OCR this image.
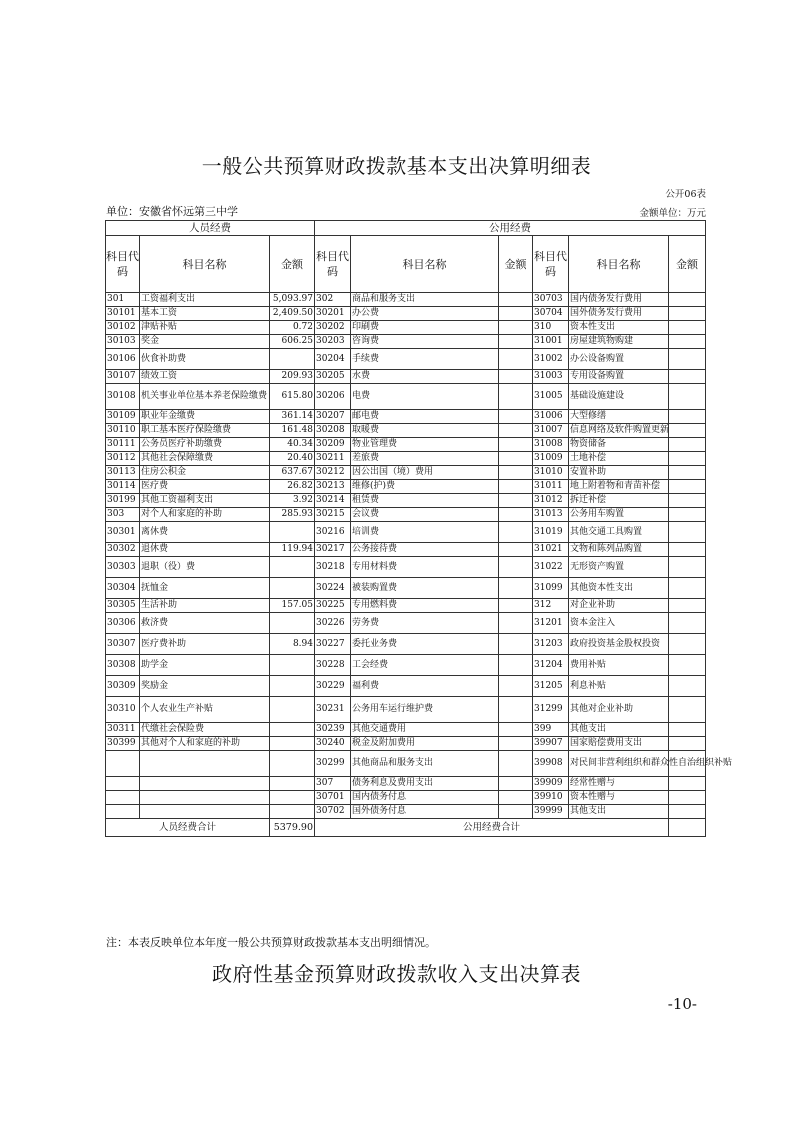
一般公共预算财政拨款基本支出决算明细表
公开06表
单位：安徽省怀远第三中学	金额单位：万元
人员经费			公用经费					
科目代码	科目名称	金额	科目代码	科目名称	金额	科目代码	科目名称	金额
301	工资福利支出	5,093.97	302	商品和服务支出		30703	国内债务发行费用	
30101	基本工资	2,409.50	30201	办公费		30704	国外债务发行费用	
30102	津贴补贴	0.72	30202	印刷费		310	资本性支出	
30103	奖金	606.25	30203	咨询费		31001	房屋建筑物购建	
30106	伙食补助费		30204	手续费		31002	办公设备购置	
30107	绩效工资	209.93	30205	水费		31003	专用设备购置	
30108	机关事业单位基本养老保险缴费	615.80	30206	电费		31005	基础设施建设	
30109	职业年金缴费	361.14	30207	邮电费		31006	大型修缮	
30110	职工基本医疗保险缴费	161.48	30208	取暖费		31007	信息网络及软件购置更新	
30111	公务员医疗补助缴费	40.34	30209	物业管理费		31008	物资储备	
30112	其他社会保障缴费	20.40	30211	差旅费		31009	土地补偿	
30113	住房公积金	637.67	30212	因公出国（境）费用		31010	安置补助	
30114	医疗费	26.82	30213	维修(护)费		31011	地上附着物和青苗补偿	
30199	其他工资福利支出	3.92	30214	租赁费		31012	拆迁补偿	
303	对个人和家庭的补助	285.93	30215	会议费		31013	公务用车购置	
30301	离休费		30216	培训费		31019	其他交通工具购置	
30302	退休费	119.94	30217	公务接待费		31021	文物和陈列品购置	
30303	退职（役）费		30218	专用材料费		31022	无形资产购置	
30304	抚恤金		30224	被装购置费		31099	其他资本性支出	
30305	生活补助	157.05	30225	专用燃料费		312	对企业补助	
30306	救济费		30226	劳务费		31201	资本金注入	
30307	医疗费补助	8.94	30227	委托业务费		31203	政府投资基金股权投资	
30308	助学金		30228	工会经费		31204	费用补贴	
30309	奖励金		30229	福利费		31205	利息补贴	
30310	个人农业生产补贴		30231	公务用车运行维护费		31299	其他对企业补助	
30311	代缴社会保险费		30239	其他交通费用		399	其他支出	
30399	其他对个人和家庭的补助		30240	税金及附加费用		39907	国家赔偿费用支出	
			30299	其他商品和服务支出		39908	对民间非营利组织和群众性自治组织补贴	
			307	债务利息及费用支出		39909	经常性赠与	
			30701	国内债务付息		39910	资本性赠与	
			30702	国外债务付息		39999	其他支出	
人员经费合计		5379.90	公用经费合计					
注：本表反映单位本年度一般公共预算财政拨款基本支出明细情况。
政府性基金预算财政拨款收入支出决算表
-10-
